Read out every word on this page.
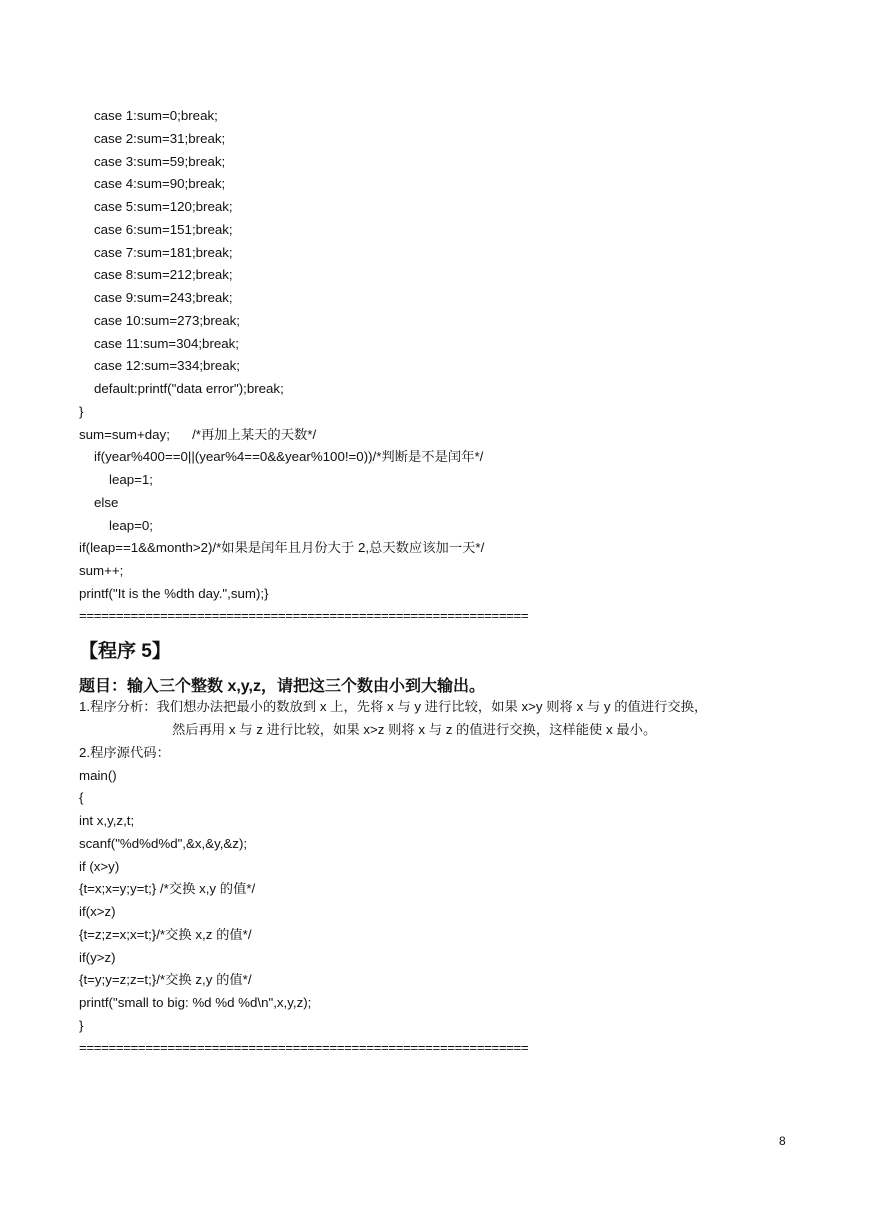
case 1:sum=0;break;
case 2:sum=31;break;
case 3:sum=59;break;
case 4:sum=90;break;
case 5:sum=120;break;
case 6:sum=151;break;
case 7:sum=181;break;
case 8:sum=212;break;
case 9:sum=243;break;
case 10:sum=273;break;
case 11:sum=304;break;
case 12:sum=334;break;
default:printf("data error");break;
}
sum=sum+day;      /*再加上某天的天数*/
if(year%400==0||(year%4==0&&year%100!=0))/*判断是不是闰年*/
leap=1;
else
leap=0;
if(leap==1&&month>2)/*如果是闰年且月份大于 2,总天数应该加一天*/
sum++;
printf("It is the %dth day.",sum);}
=============================================================
【程序 5】
题目：输入三个整数 x,y,z，请把这三个数由小到大输出。
1.程序分析：我们想办法把最小的数放到 x 上，先将 x 与 y 进行比较，如果 x>y 则将 x 与 y 的值进行交换，
然后再用 x 与 z 进行比较，如果 x>z 则将 x 与 z 的值进行交换，这样能使 x 最小。
2.程序源代码：
main()
{
int x,y,z,t;
scanf("%d%d%d",&x,&y,&z);
if (x>y)
{t=x;x=y;y=t;} /*交换 x,y 的值*/
if(x>z)
{t=z;z=x;x=t;}/*交换 x,z 的值*/
if(y>z)
{t=y;y=z;z=t;}/*交换 z,y 的值*/
printf("small to big: %d %d %d\n",x,y,z);
}
=============================================================
8
